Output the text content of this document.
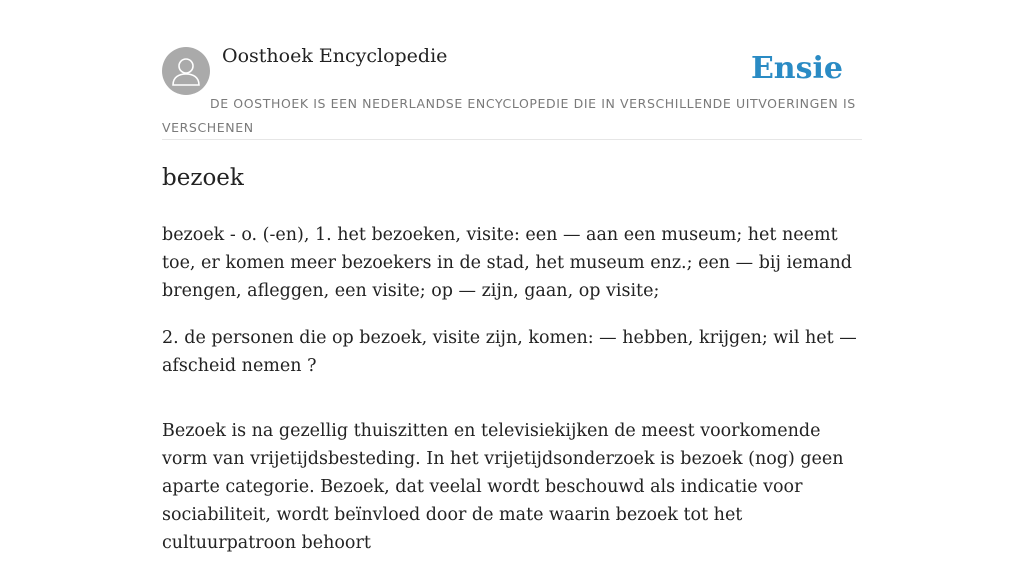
Oosthoek Encyclopedie	Ensie

DE OOSTHOEK IS EEN NEDERLANDSE ENCYCLOPEDIE DIE IN VERSCHILLENDE UITVOERINGEN IS VERSCHENEN

bezoek

bezoek - o. (-en), 1. het bezoeken, visite: een — aan een museum; het neemt toe, er komen meer bezoekers in de stad, het museum enz.; een — bij iemand brengen, afleggen, een visite; op — zijn, gaan, op visite;

2. de personen die op bezoek, visite zijn, komen: — hebben, krijgen; wil het — afscheid nemen ?

Bezoek is na gezellig thuiszitten en televisiekijken de meest voorkomende vorm van vrijetijdsbesteding. In het vrijetijdsonderzoek is bezoek (nog) geen aparte categorie. Bezoek, dat veelal wordt beschouwd als indicatie voor sociabiliteit, wordt beïnvloed door de mate waarin bezoek tot het cultuurpatroon behoort
